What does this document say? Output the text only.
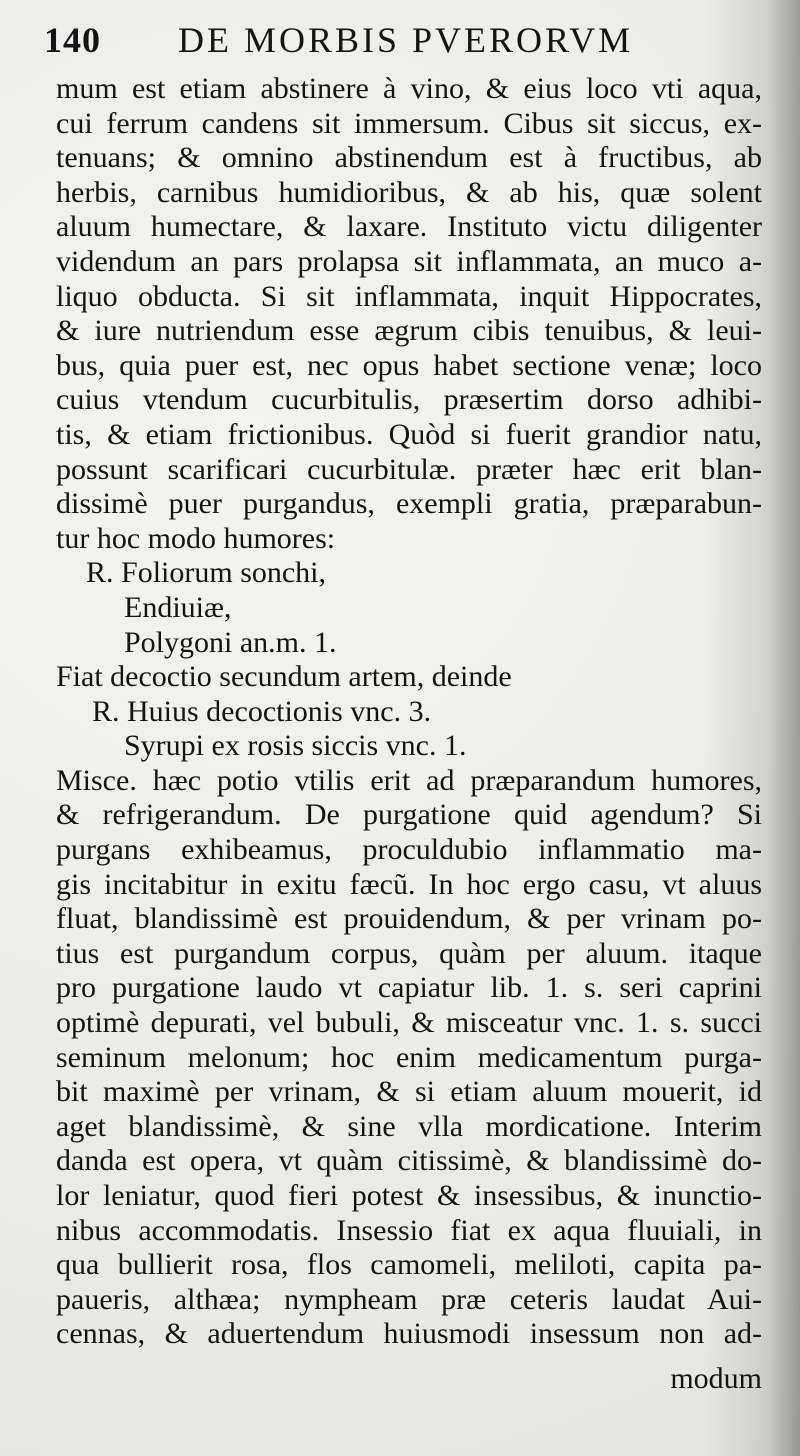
140 DE MORBIS PVERORVM
mum est etiam abstinere à vino, & eius loco vti aqua,
cui ferrum candens sit immersum. Cibus sit siccus, ex-
tenuans; & omnino abstinendum est à fructibus, ab
herbis, carnibus humidioribus, & ab his, quæ solent
aluum humectare, & laxare. Instituto victu diligenter
videndum an pars prolapsa sit inflammata, an muco a-
liquo obducta. Si sit inflammata, inquit Hippocrates,
& iure nutriendum esse ægrum cibis tenuibus, & leui-
bus, quia puer est, nec opus habet sectione venæ; loco
cuius vtendum cucurbitulis, præsertim dorso adhibi-
tis, & etiam frictionibus. Quòd si fuerit grandior natu,
possunt scarificari cucurbitulæ. præter hæc erit blan-
dissimè puer purgandus, exempli gratia, præparabun-
tur hoc modo humores:
R. Foliorum sonchi,
Endiuiæ,
Polygoni an.m. 1.
Fiat decoctio secundum artem, deinde
R. Huius decoctionis vnc. 3.
Syrupi ex rosis siccis vnc. 1.
Misce. hæc potio vtilis erit ad præparandum humores,
& refrigerandum. De purgatione quid agendum? Si
purgans exhibeamus, proculdubio inflammatio ma-
gis incitabitur in exitu fæcũ. In hoc ergo casu, vt aluus
fluat, blandissimè est prouidendum, & per vrinam po-
tius est purgandum corpus, quàm per aluum. itaque
pro purgatione laudo vt capiatur lib. 1. s. seri caprini
optimè depurati, vel bubuli, & misceatur vnc. 1. s. succi
seminum melonum; hoc enim medicamentum purga-
bit maximè per vrinam, & si etiam aluum mouerit, id
aget blandissimè, & sine vlla mordicatione. Interim
danda est opera, vt quàm citissimè, & blandissimè do-
lor leniatur, quod fieri potest & insessibus, & inunctio-
nibus accommodatis. Insessio fiat ex aqua fluuiali, in
qua bullierit rosa, flos camomeli, meliloti, capita pa-
paueris, althæa; nympheam præ ceteris laudat Aui-
cennas, & aduertendum huiusmodi insessum non ad-
modum
